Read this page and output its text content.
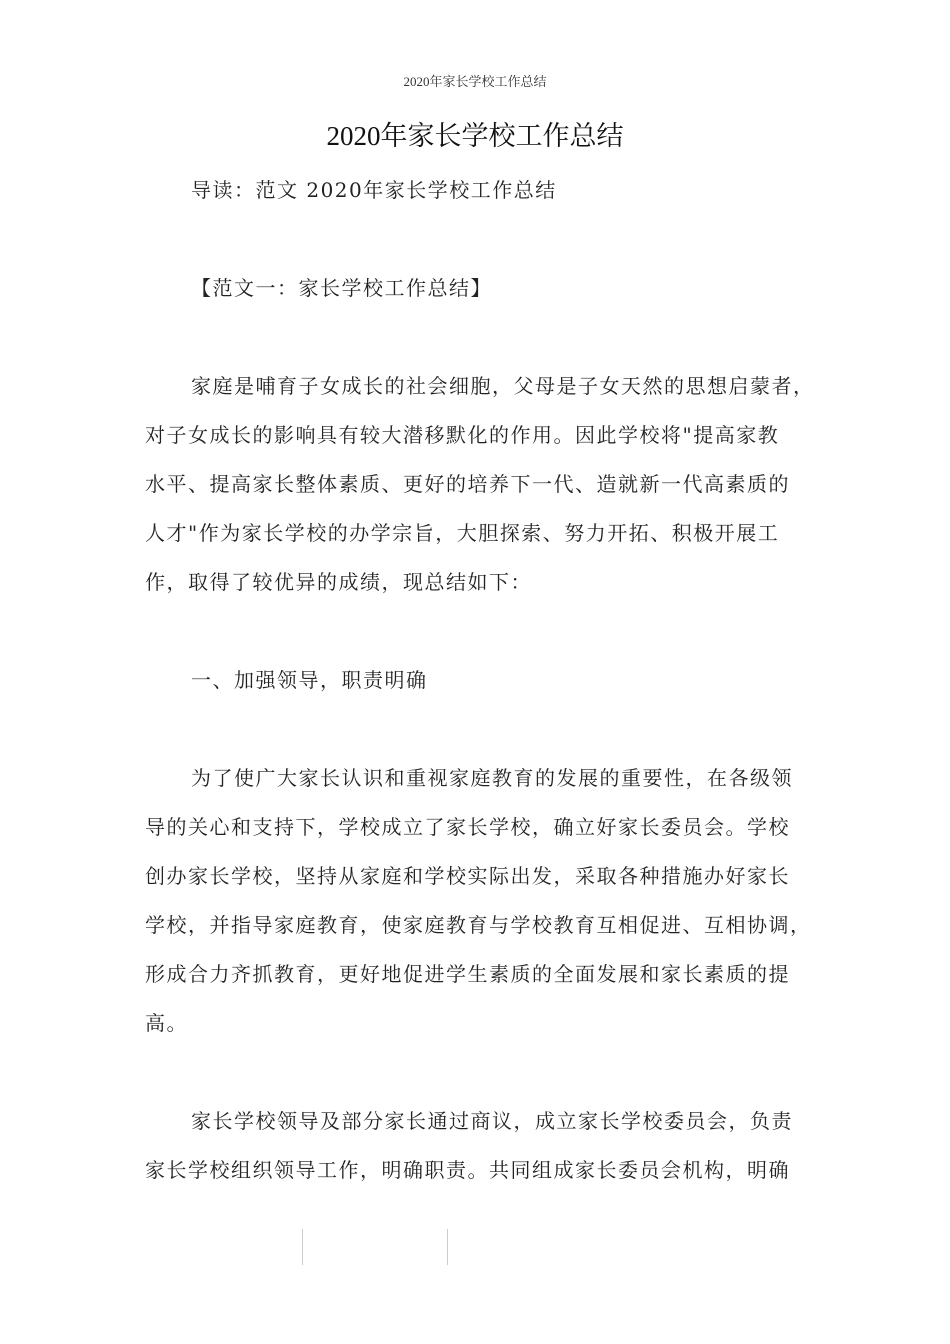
2020年家长学校工作总结
2020年家长学校工作总结
导读：范文 2020年家长学校工作总结
【范文一：家长学校工作总结】
家庭是哺育子女成长的社会细胞，父母是子女天然的思想启蒙者，
对子女成长的影响具有较大潜移默化的作用。因此学校将"提高家教
水平、提高家长整体素质、更好的培养下一代、造就新一代高素质的
人才"作为家长学校的办学宗旨，大胆探索、努力开拓、积极开展工
作，取得了较优异的成绩，现总结如下：
一、加强领导，职责明确
为了使广大家长认识和重视家庭教育的发展的重要性，在各级领
导的关心和支持下，学校成立了家长学校，确立好家长委员会。学校
创办家长学校，坚持从家庭和学校实际出发，采取各种措施办好家长
学校，并指导家庭教育，使家庭教育与学校教育互相促进、互相协调，
形成合力齐抓教育，更好地促进学生素质的全面发展和家长素质的提
高。
家长学校领导及部分家长通过商议，成立家长学校委员会，负责
家长学校组织领导工作，明确职责。共同组成家长委员会机构，明确
